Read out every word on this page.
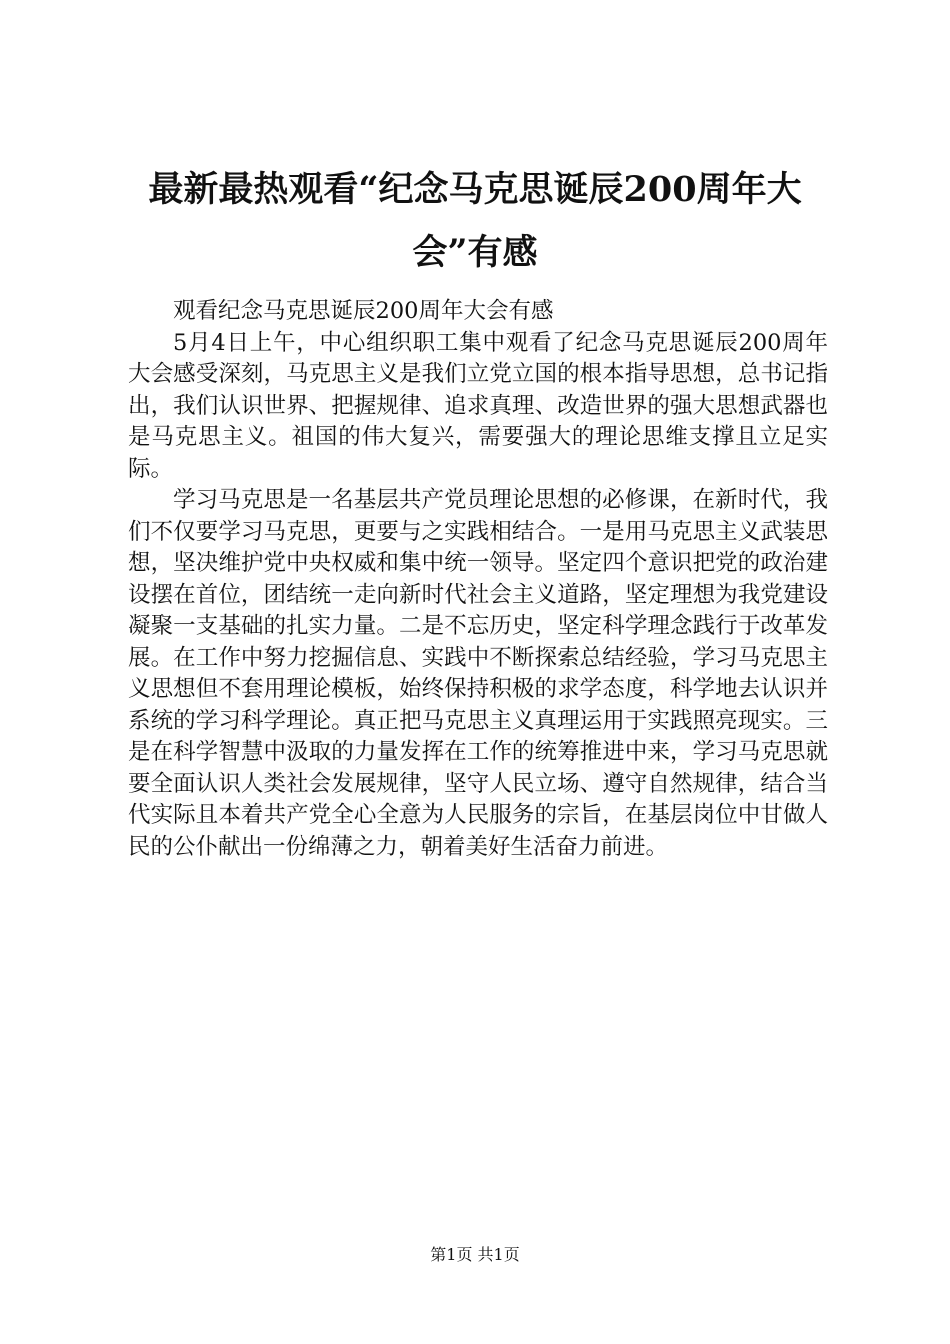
最新最热观看“纪念马克思诞辰200周年大会”有感

观看纪念马克思诞辰200周年大会有感

5月4日上午，中心组织职工集中观看了纪念马克思诞辰200周年大会感受深刻，马克思主义是我们立党立国的根本指导思想，总书记指出，我们认识世界、把握规律、追求真理、改造世界的强大思想武器也是马克思主义。祖国的伟大复兴，需要强大的理论思维支撑且立足实际。

学习马克思是一名基层共产党员理论思想的必修课，在新时代，我们不仅要学习马克思，更要与之实践相结合。一是用马克思主义武装思想，坚决维护党中央权威和集中统一领导。坚定四个意识把党的政治建设摆在首位，团结统一走向新时代社会主义道路，坚定理想为我党建设凝聚一支基础的扎实力量。二是不忘历史，坚定科学理念践行于改革发展。在工作中努力挖掘信息、实践中不断探索总结经验，学习马克思主义思想但不套用理论模板，始终保持积极的求学态度，科学地去认识并系统的学习科学理论。真正把马克思主义真理运用于实践照亮现实。三是在科学智慧中汲取的力量发挥在工作的统筹推进中来，学习马克思就要全面认识人类社会发展规律，坚守人民立场、遵守自然规律，结合当代实际且本着共产党全心全意为人民服务的宗旨，在基层岗位中甘做人民的公仆献出一份绵薄之力，朝着美好生活奋力前进。

第1页 共1页
